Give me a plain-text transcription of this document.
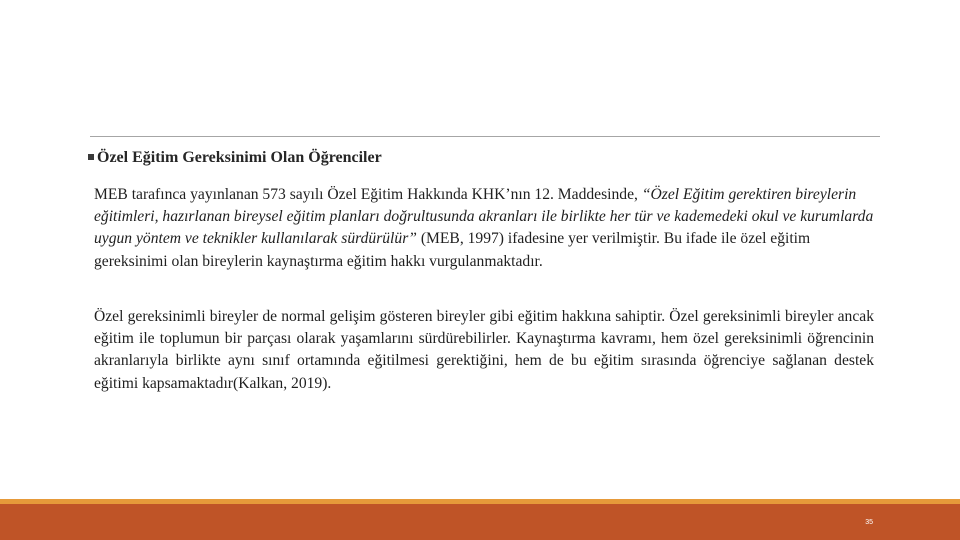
Özel Eğitim Gereksinimi Olan Öğrenciler
MEB tarafınca yayınlanan 573 sayılı Özel Eğitim Hakkında KHK’nın 12. Maddesinde, “Özel Eğitim gerektiren bireylerin eğitimleri, hazırlanan bireysel eğitim planları doğrultusunda akranları ile birlikte her tür ve kademedeki okul ve kurumlarda uygun yöntem ve teknikler kullanılarak sürdürülür” (MEB, 1997) ifadesine yer verilmiştir. Bu ifade ile özel eğitim gereksinimi olan bireylerin kaynaştırma eğitim hakkı vurgulanmaktadır.
Özel gereksinimli bireyler de normal gelişim gösteren bireyler gibi eğitim hakkına sahiptir. Özel gereksinimli bireyler ancak eğitim ile toplumun bir parçası olarak yaşamlarını sürdürebilirler. Kaynaştırma kavramı, hem özel gereksinimli öğrencinin akranlarıyla birlikte aynı sınıf ortamında eğitilmesi gerektiğini, hem de bu eğitim sırasında öğrenciye sağlanan destek eğitimi kapsamaktadır(Kalkan, 2019).
35
